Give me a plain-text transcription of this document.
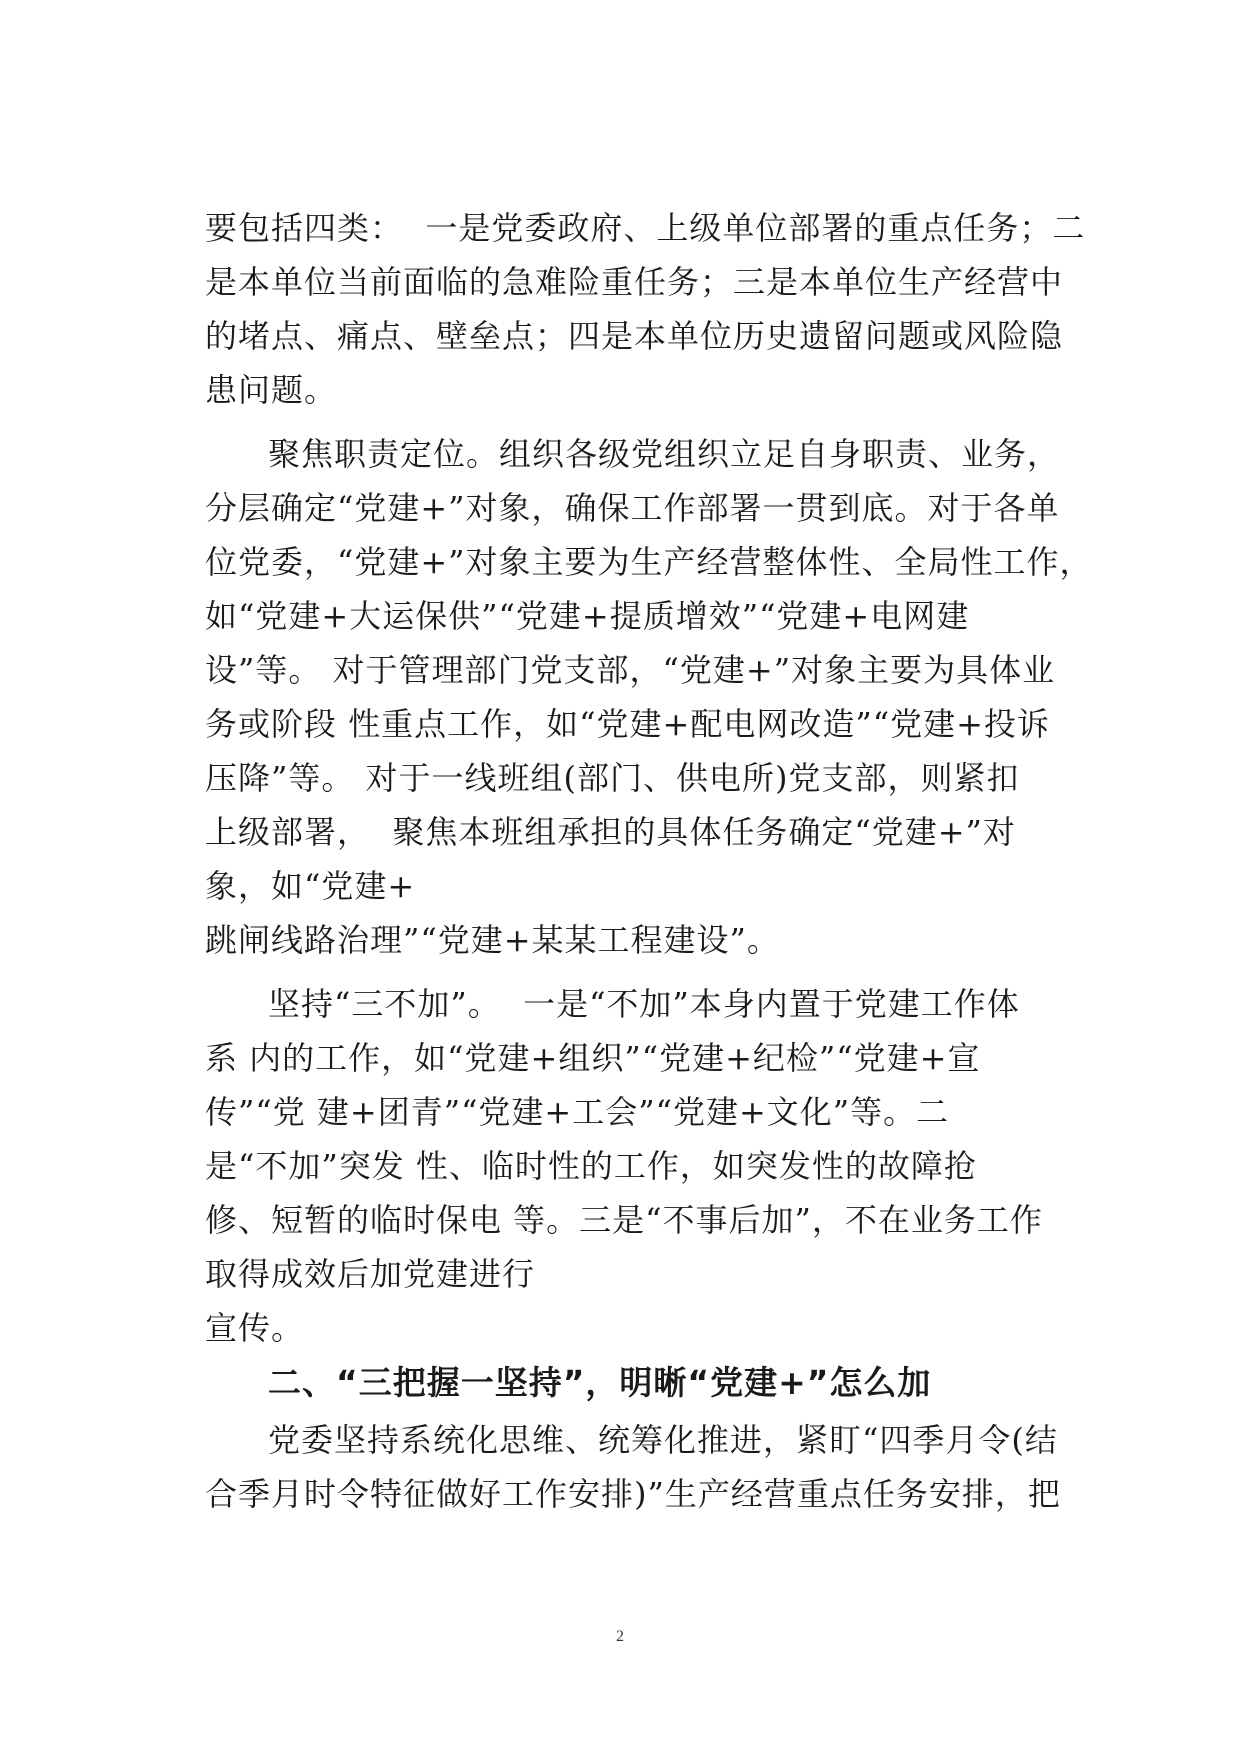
要包括四类：  一是党委政府、上级单位部署的重点任务；二
是本单位当前面临的急难险重任务；三是本单位生产经营中
的堵点、痛点、壁垒点；四是本单位历史遗留问题或风险隐
患问题。
聚焦职责定位。组织各级党组织立足自身职责、业务，
分层确定“党建+”对象，确保工作部署一贯到底。对于各单
位党委，“党建+”对象主要为生产经营整体性、全局性工作，
如“党建+大运保供”“党建+提质增效”“党建+电网建
设”等。 对于管理部门党支部，“党建+”对象主要为具体业
务或阶段 性重点工作，如“党建+配电网改造”“党建+投诉
压降”等。 对于一线班组(部门、供电所)党支部，则紧扣
上级部署，  聚焦本班组承担的具体任务确定“党建+”对
象，如“党建+
跳闸线路治理”“党建+某某工程建设”。
坚持“三不加”。  一是“不加”本身内置于党建工作体
系 内的工作，如“党建+组织”“党建+纪检”“党建+宣
传”“党 建+团青”“党建+工会”“党建+文化”等。二
是“不加”突发 性、临时性的工作，如突发性的故障抢
修、短暂的临时保电 等。三是“不事后加”，不在业务工作
取得成效后加党建进行
宣传。
二、“三把握一坚持”，明晰“党建+”怎么加
党委坚持系统化思维、统筹化推进，紧盯“四季月令(结
合季月时令特征做好工作安排)”生产经营重点任务安排，把
2
